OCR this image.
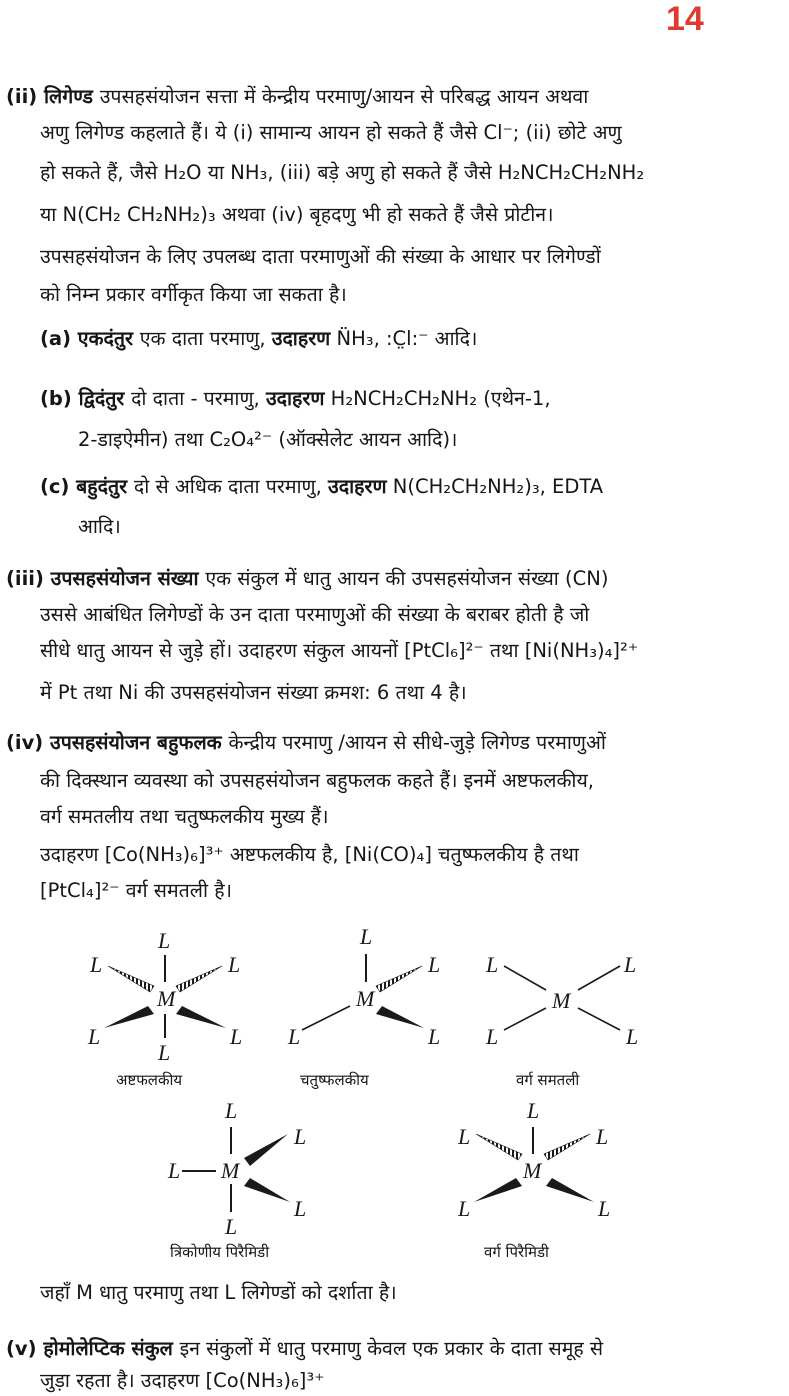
14
(ii) लिगेण्ड उपसहसंयोजन सत्ता में केन्द्रीय परमाणु/आयन से परिबद्ध आयन अथवा
अणु लिगेण्ड कहलाते हैं। ये (i) सामान्य आयन हो सकते हैं जैसे Cl⁻; (ii) छोटे अणु
हो सकते हैं, जैसे H₂O या NH₃, (iii) बड़े अणु हो सकते हैं जैसे H₂NCH₂CH₂NH₂
या N(CH₂ CH₂NH₂)₃ अथवा (iv) बृहदणु भी हो सकते हैं जैसे प्रोटीन।
उपसहसंयोजन के लिए उपलब्ध दाता परमाणुओं की संख्या के आधार पर लिगेण्डों
को निम्न प्रकार वर्गीकृत किया जा सकता है।
(a) एकदंतुर एक दाता परमाणु, उदाहरण N̈H₃, :C̤l:⁻ आदि।
(b) द्विदंतुर दो दाता - परमाणु, उदाहरण H₂NCH₂CH₂NH₂ (एथेन-1,
2-डाइऐमीन) तथा C₂O₄²⁻ (ऑक्सेलेट आयन आदि)।
(c) बहुदंतुर दो से अधिक दाता परमाणु, उदाहरण N(CH₂CH₂NH₂)₃, EDTA
आदि।
(iii) उपसहसंयोजन संख्या एक संकुल में धातु आयन की उपसहसंयोजन संख्या (CN)
उससे आबंधित लिगेण्डों के उन दाता परमाणुओं की संख्या के बराबर होती है जो
सीधे धातु आयन से जुड़े हों। उदाहरण संकुल आयनों [PtCl₆]²⁻ तथा [Ni(NH₃)₄]²⁺
में Pt तथा Ni की उपसहसंयोजन संख्या क्रमश: 6 तथा 4 है।
(iv) उपसहसंयोजन बहुफलक केन्द्रीय परमाणु /आयन से सीधे-जुड़े लिगेण्ड परमाणुओं
की दिक्स्थान व्यवस्था को उपसहसंयोजन बहुफलक कहते हैं। इनमें अष्टफलकीय,
वर्ग समतलीय तथा चतुष्फलकीय मुख्य हैं।
उदाहरण [Co(NH₃)₆]³⁺ अष्टफलकीय है, [Ni(CO)₄] चतुष्फलकीय है तथा
[PtCl₄]²⁻ वर्ग समतली है।
जहाँ M धातु परमाणु तथा L लिगेण्डों को दर्शाता है।
(v) होमोलेप्टिक संकुल इन संकुलों में धातु परमाणु केवल एक प्रकार के दाता समूह से
जुड़ा रहता है। उदाहरण [Co(NH₃)₆]³⁺
M
L
L	L
L	L
L
M
L
L
L	L
M
L	L
L	L
M
L
L
L
L
L
M
L
L	L
L	L
अष्टफलकीय	चतुष्फलकीय	वर्ग समतली
त्रिकोणीय पिरैमिडी	वर्ग पिरैमिडी
